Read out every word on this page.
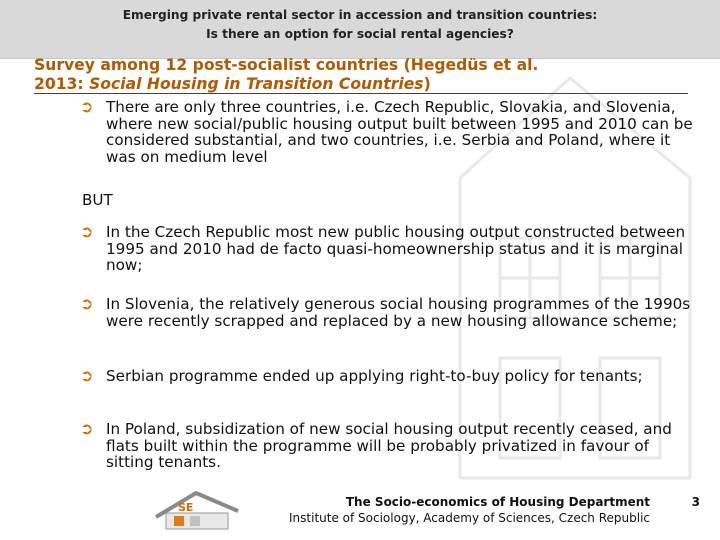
Emerging private rental sector in accession and transition countries:
Is there an option for social rental agencies?
Survey among 12 post-socialist countries (Hegedüs et al.
2013: Social Housing in Transition Countries)
➲ There are only three countries, i.e. Czech Republic, Slovakia, and Slovenia, where new social/public housing output built between 1995 and 2010 can be considered substantial, and two countries, i.e. Serbia and Poland, where it was on medium level
BUT
➲ In the Czech Republic most new public housing output constructed between 1995 and 2010 had de facto quasi-homeownership status and it is marginal now;
➲ In Slovenia, the relatively generous social housing programmes of the 1990s were recently scrapped and replaced by a new housing allowance scheme;
➲ Serbian programme ended up applying right-to-buy policy for tenants;
➲ In Poland, subsidization of new social housing output recently ceased, and flats built within the programme will be probably privatized in favour of sitting tenants.
SE	The Socio-economics of Housing Department	3
Institute of Sociology, Academy of Sciences, Czech Republic
